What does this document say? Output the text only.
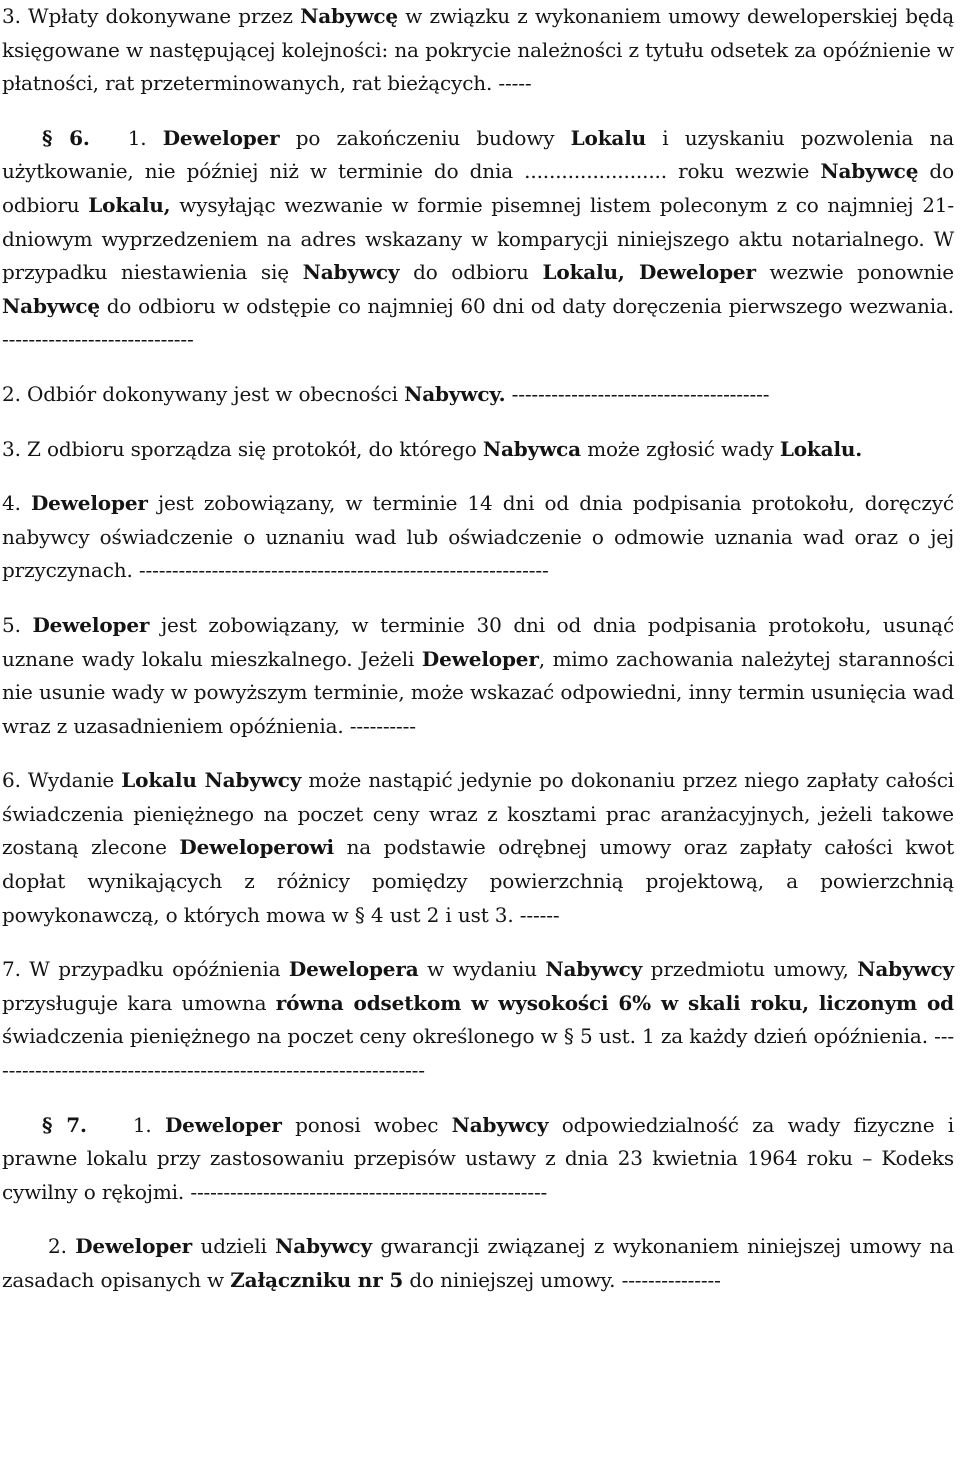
3. Wpłaty dokonywane przez Nabywcę w związku z wykonaniem umowy deweloperskiej będą księgowane w następującej kolejności: na pokrycie należności z tytułu odsetek za opóźnienie w płatności, rat przeterminowanych, rat bieżących. -----

§ 6. 1. Deweloper po zakończeniu budowy Lokalu i uzyskaniu pozwolenia na użytkowanie, nie później niż w terminie do dnia ....................... roku wezwie Nabywcę do odbioru Lokalu, wysyłając wezwanie w formie pisemnej listem poleconym z co najmniej 21-dniowym wyprzedzeniem na adres wskazany w komparycji niniejszego aktu notarialnego. W przypadku niestawienia się Nabywcy do odbioru Lokalu, Deweloper wezwie ponownie Nabywcę do odbioru w odstępie co najmniej 60 dni od daty doręczenia pierwszego wezwania. -----------------------------

2. Odbiór dokonywany jest w obecności Nabywcy. ---------------------------------------

3. Z odbioru sporządza się protokół, do którego Nabywca może zgłosić wady Lokalu.

4. Deweloper jest zobowiązany, w terminie 14 dni od dnia podpisania protokołu, doręczyć nabywcy oświadczenie o uznaniu wad lub oświadczenie o odmowie uznania wad oraz o jej przyczynach. --------------------------------------------------------------

5. Deweloper jest zobowiązany, w terminie 30 dni od dnia podpisania protokołu, usunąć uznane wady lokalu mieszkalnego. Jeżeli Deweloper, mimo zachowania należytej staranności nie usunie wady w powyższym terminie, może wskazać odpowiedni, inny termin usunięcia wad wraz z uzasadnieniem opóźnienia. ----------

6. Wydanie Lokalu Nabywcy może nastąpić jedynie po dokonaniu przez niego zapłaty całości świadczenia pieniężnego na poczet ceny wraz z kosztami prac aranżacyjnych, jeżeli takowe zostaną zlecone Deweloperowi na podstawie odrębnej umowy oraz zapłaty całości kwot dopłat wynikających z różnicy pomiędzy powierzchnią projektową, a powierzchnią powykonawczą, o których mowa w § 4 ust 2 i ust 3. ------

7. W przypadku opóźnienia Dewelopera w wydaniu Nabywcy przedmiotu umowy, Nabywcy przysługuje kara umowna równa odsetkom w wysokości 6% w skali roku, liczonym od świadczenia pieniężnego na poczet ceny określonego w § 5 ust. 1 za każdy dzień opóźnienia. -------------------------------------------------------------------

§ 7. 1. Deweloper ponosi wobec Nabywcy odpowiedzialność za wady fizyczne i prawne lokalu przy zastosowaniu przepisów ustawy z dnia 23 kwietnia 1964 roku – Kodeks cywilny o rękojmi. ------------------------------------------------------

2. Deweloper udzieli Nabywcy gwarancji związanej z wykonaniem niniejszej umowy na zasadach opisanych w Załączniku nr 5 do niniejszej umowy. ---------------
